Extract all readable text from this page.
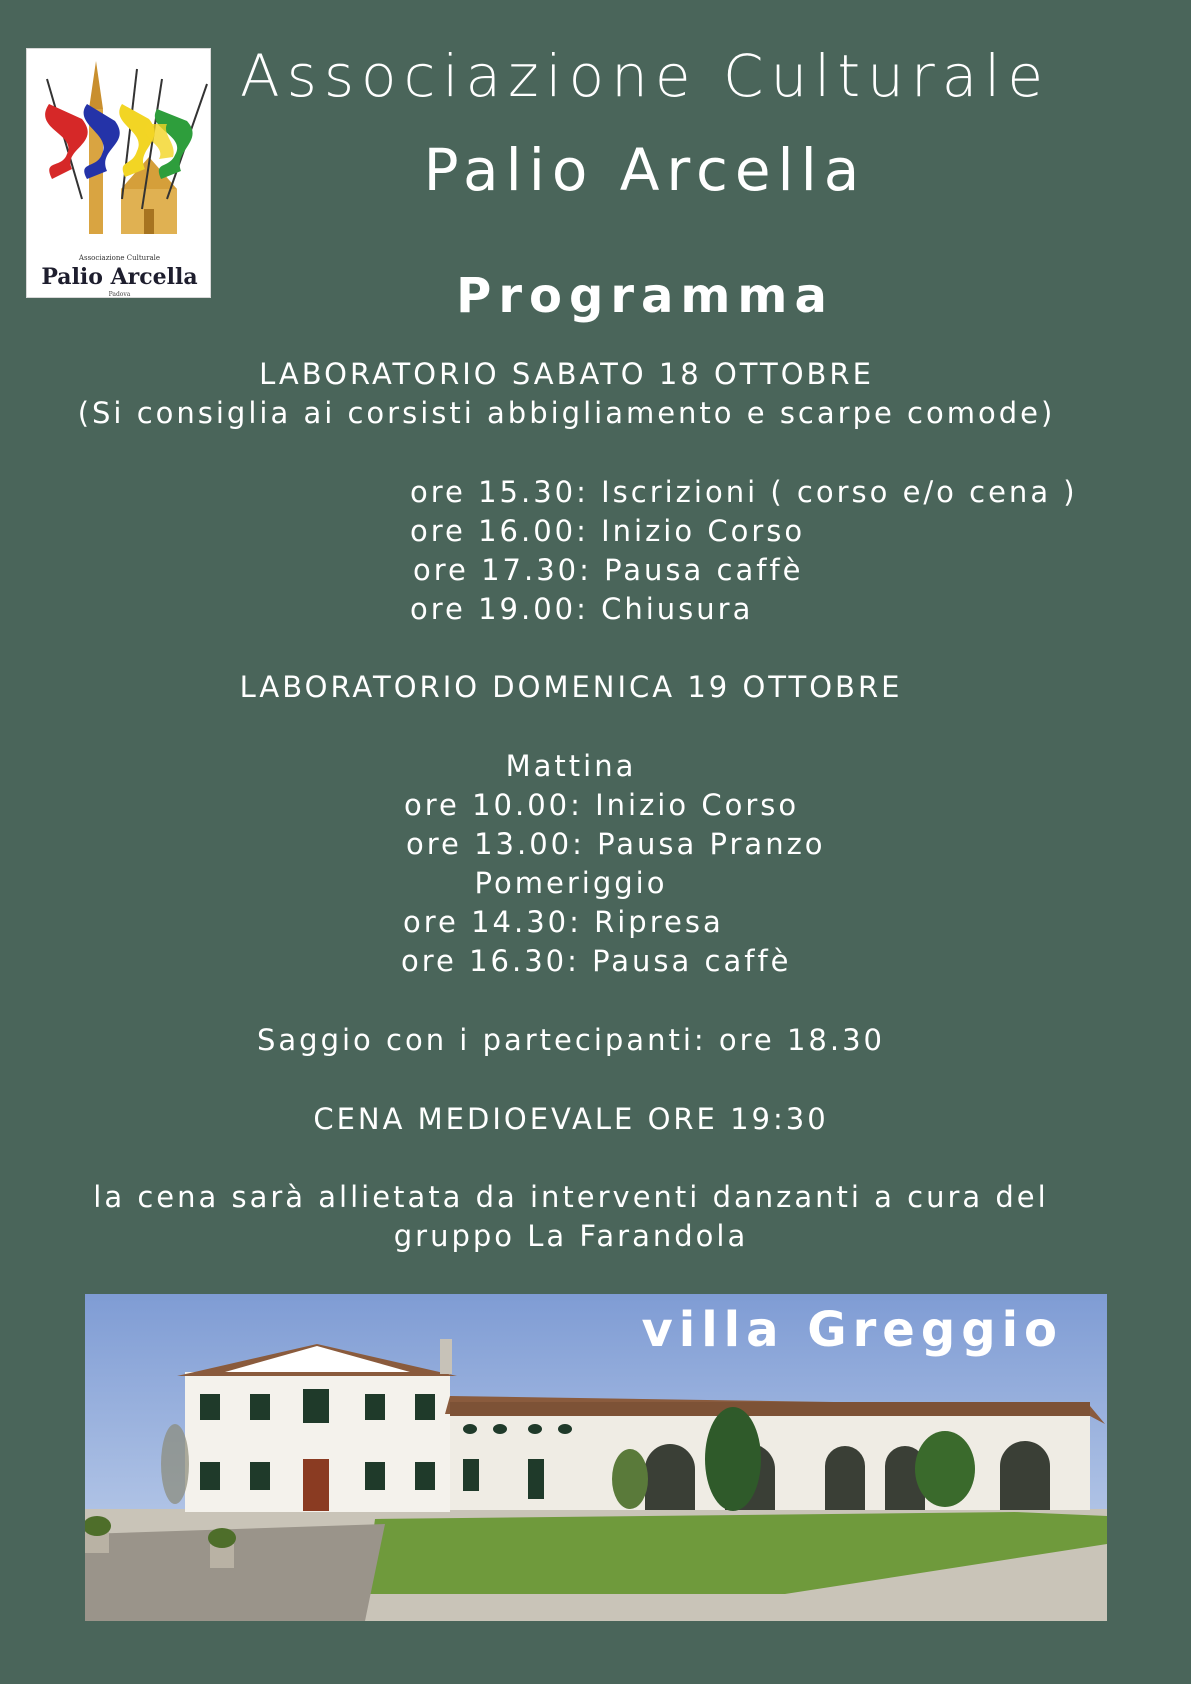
Associazione Culturale
Palio Arcella
Padova
Associazione Culturale
Palio Arcella
Programma
LABORATORIO SABATO 18 OTTOBRE
(Si consiglia ai corsisti abbigliamento e scarpe comode)
ore 15.30: Iscrizioni ( corso e/o cena )
ore 16.00: Inizio Corso
ore 17.30: Pausa caffè
ore 19.00: Chiusura
LABORATORIO DOMENICA 19 OTTOBRE
Mattina
ore 10.00: Inizio Corso
ore 13.00: Pausa Pranzo
Pomeriggio
ore 14.30: Ripresa
ore 16.30: Pausa caffè
Saggio con i partecipanti: ore 18.30
CENA MEDIOEVALE ORE 19:30
la cena sarà allietata da interventi danzanti a cura del
gruppo La Farandola
villa Greggio
